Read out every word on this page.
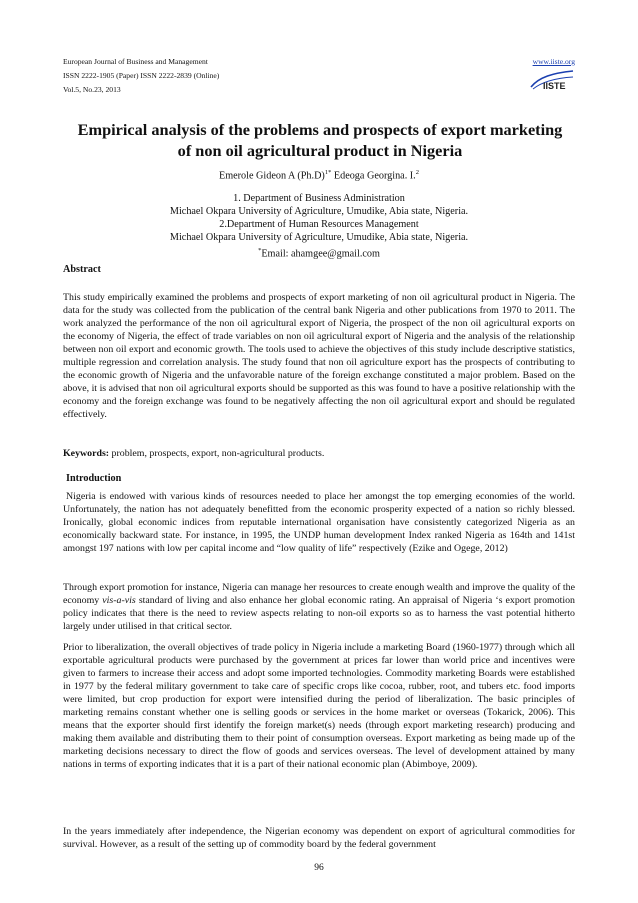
European Journal of Business and Management
ISSN 2222-1905 (Paper) ISSN 2222-2839 (Online)
Vol.5, No.23, 2013
www.iiste.org
IISTE
Empirical analysis of the problems and prospects of export marketing of non oil agricultural product in Nigeria
Emerole Gideon A $(Ph.D)^{1*}$ Edeoga Georgina. I.$^2$
1. Department of Business Administration
Michael Okpara University of Agriculture, Umudike, Abia state, Nigeria.
2.Department of Human Resources Management
Michael Okpara University of Agriculture, Umudike, Abia state, Nigeria.
*Email: ahamgee@gmail.com
Abstract
This study empirically examined the problems and prospects of export marketing of non oil agricultural product in Nigeria. The data for the study was collected from the publication of the central bank Nigeria and other publications from 1970 to 2011. The work analyzed the performance of the non oil agricultural export of Nigeria, the prospect of the non oil agricultural exports on the economy of Nigeria, the effect of trade variables on non oil agricultural export of Nigeria and the analysis of the relationship between non oil export and economic growth. The tools used to achieve the objectives of this study include descriptive statistics, multiple regression and correlation analysis. The study found that non oil agriculture export has the prospects of contributing to the economic growth of Nigeria and the unfavorable nature of the foreign exchange constituted a major problem. Based on the above, it is advised that non oil agricultural exports should be supported as this was found to have a positive relationship with the economy and the foreign exchange was found to be negatively affecting the non oil agricultural export and should be regulated effectively.
Keywords: problem, prospects, export, non-agricultural products.
Introduction
Nigeria is endowed with various kinds of resources needed to place her amongst the top emerging economies of the world. Unfortunately, the nation has not adequately benefitted from the economic prosperity expected of a nation so richly blessed. Ironically, global economic indices from reputable international organisation have consistently categorized Nigeria as an economically backward state. For instance, in 1995, the UNDP human development Index ranked Nigeria as 164th and 141st amongst 197 nations with low per capital income and “low quality of life” respectively (Ezike and Ogege, 2012)
Through export promotion for instance, Nigeria can manage her resources to create enough wealth and improve the quality of the economy vis-a-vis standard of living and also enhance her global economic rating. An appraisal of Nigeria ‘s export promotion policy indicates that there is the need to review aspects relating to non-oil exports so as to harness the vast potential hitherto largely under utilised in that critical sector.
Prior to liberalization, the overall objectives of trade policy in Nigeria include a marketing Board (1960-1977) through which all exportable agricultural products were purchased by the government at prices far lower than world price and incentives were given to farmers to increase their access and adopt some imported technologies. Commodity marketing Boards were established in 1977 by the federal military government to take care of specific crops like cocoa, rubber, root, and tubers etc. food imports were limited, but crop production for export were intensified during the period of liberalization. The basic principles of marketing remains constant whether one is selling goods or services in the home market or overseas (Tokarick, 2006). This means that the exporter should first identify the foreign market(s) needs (through export marketing research) producing and making them available and distributing them to their point of consumption overseas. Export marketing as being made up of the marketing decisions necessary to direct the flow of goods and services overseas. The level of development attained by many nations in terms of exporting indicates that it is a part of their national economic plan (Abimboye, 2009).
In the years immediately after independence, the Nigerian economy was dependent on export of agricultural commodities for survival. However, as a result of the setting up of commodity board by the federal government
96
